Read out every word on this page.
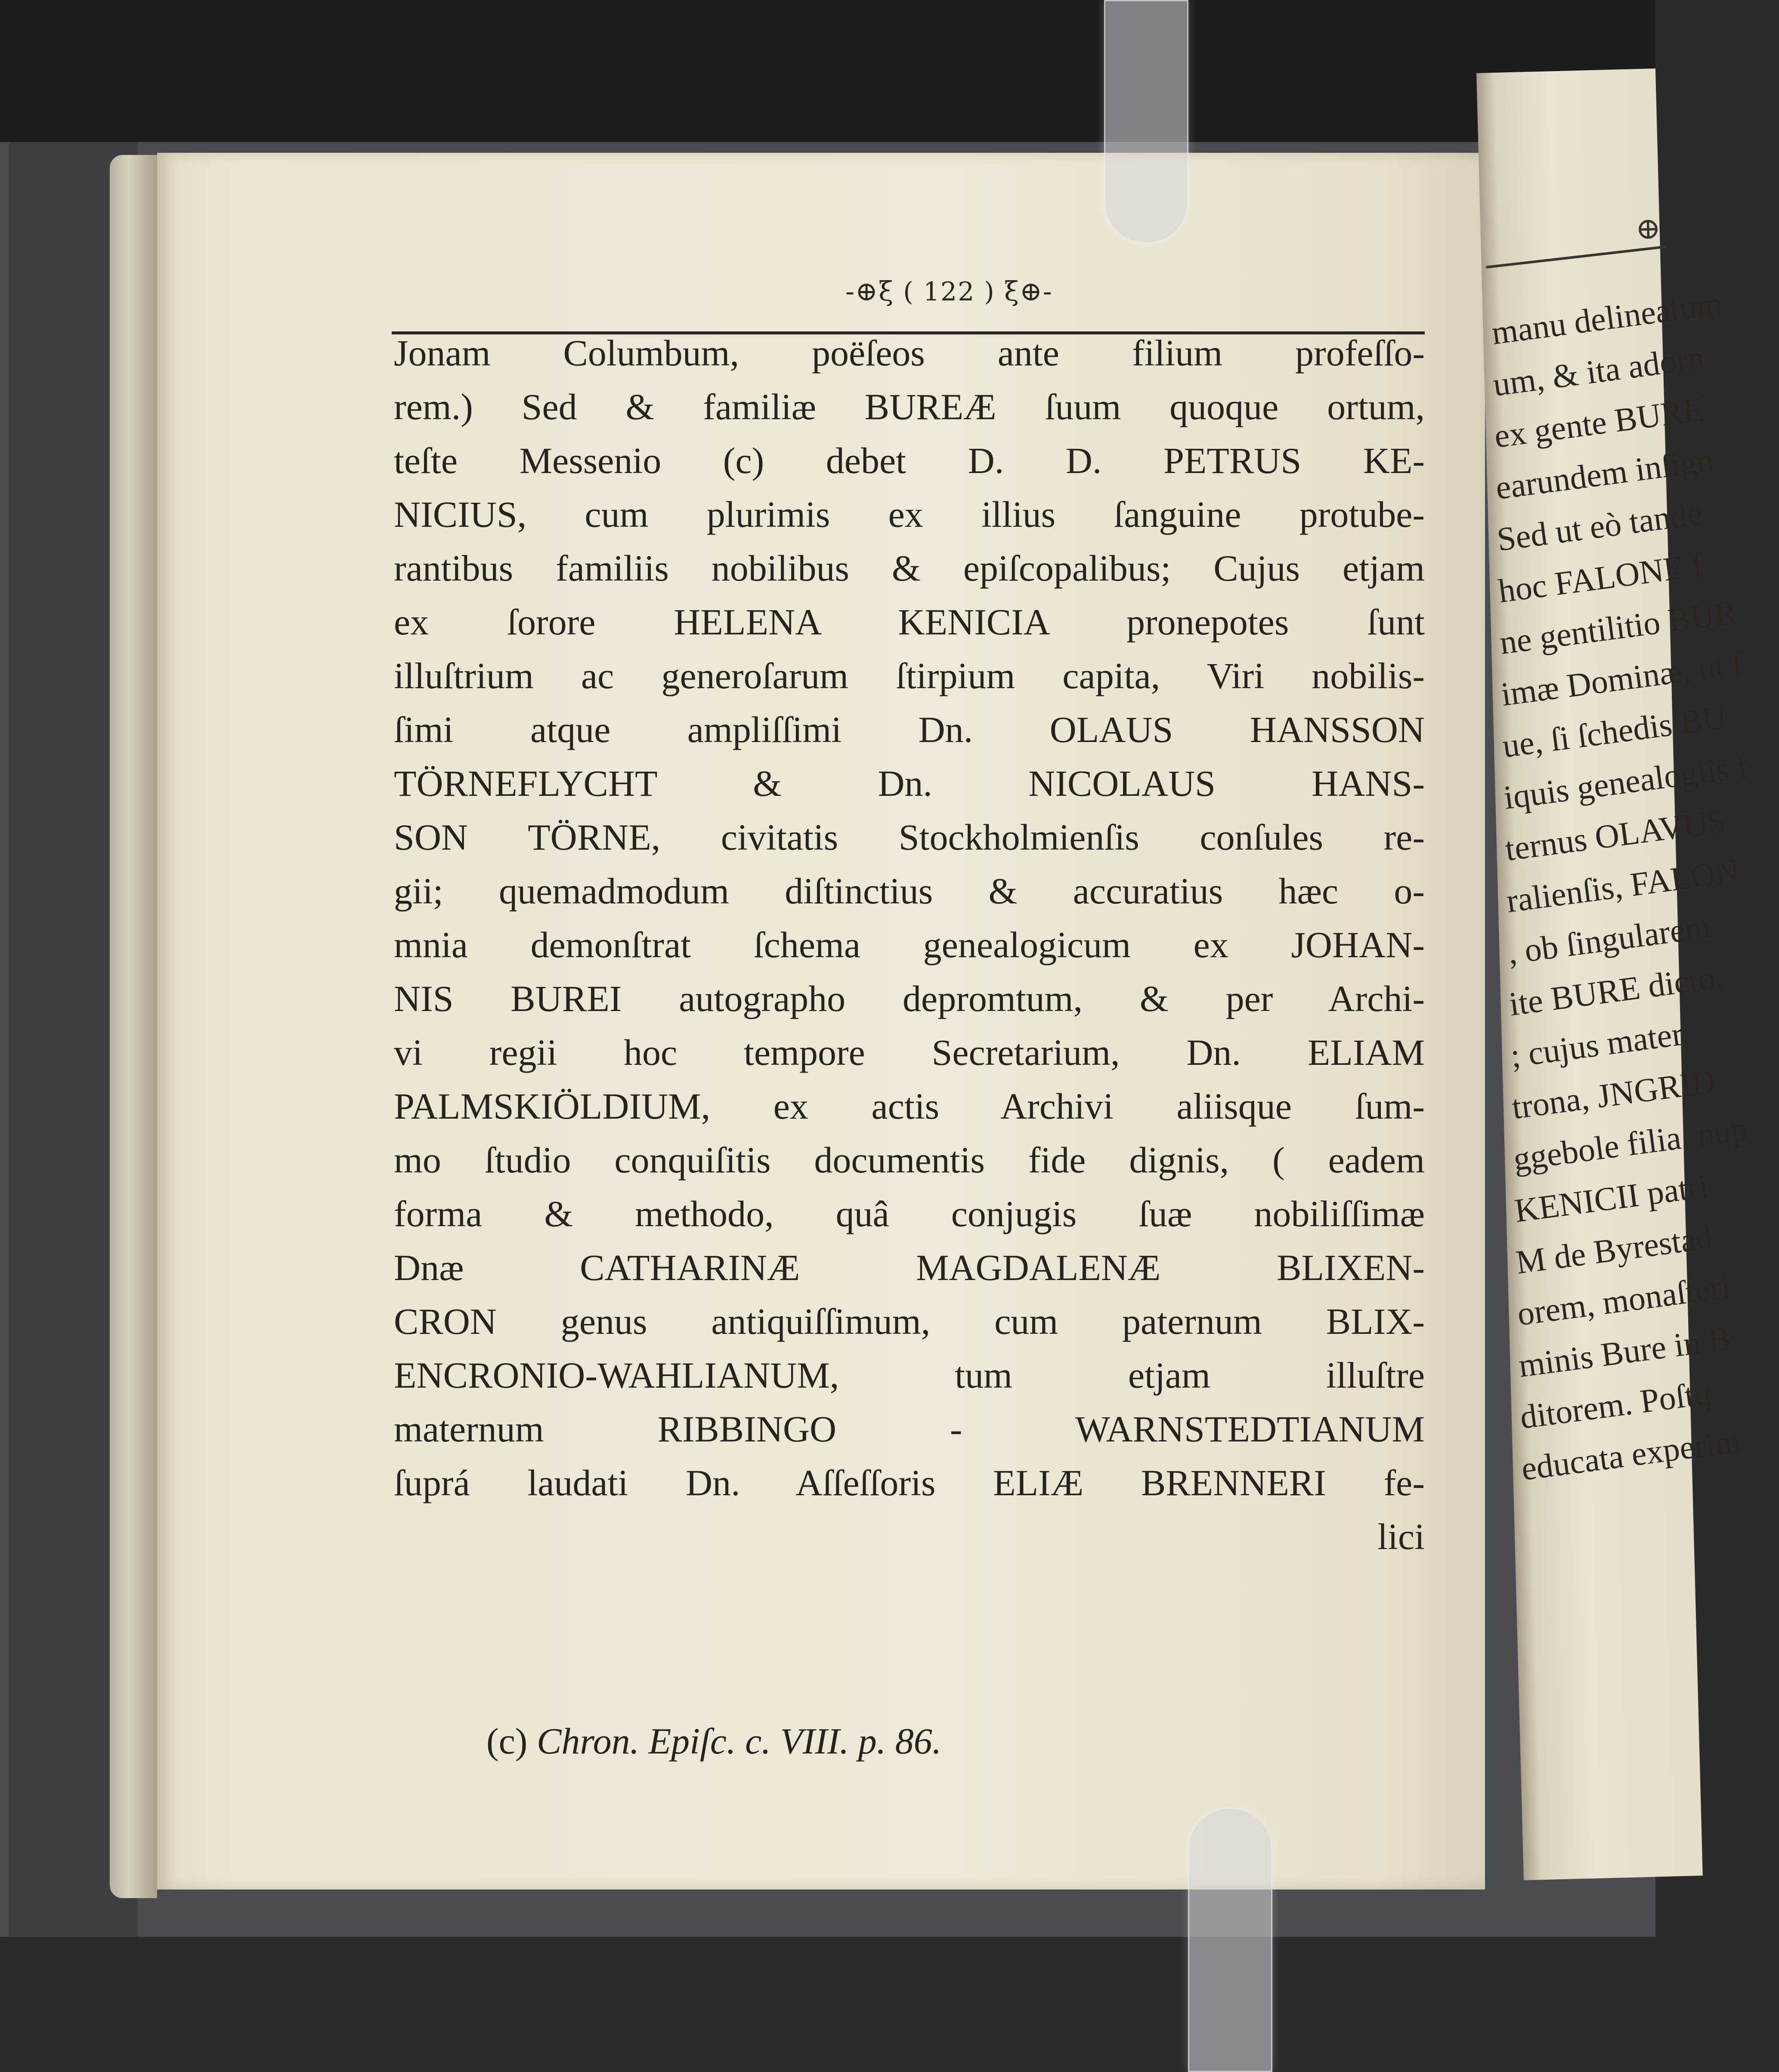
-⊕ξ ( 122 ) ξ⊕-
Jonam Columbum, poëſeos ante filium profeſſo-
rem.) Sed & familiæ BUREÆ ſuum quoque ortum,
teſte Messenio (c) debet D. D. PETRUS KE-
NICIUS, cum plurimis ex illius ſanguine protube-
rantibus familiis nobilibus & epiſcopalibus; Cujus etjam
ex ſorore HELENA KENICIA pronepotes ſunt
illuſtrium ac generoſarum ſtirpium capita, Viri nobilis-
ſimi atque ampliſſimi Dn. OLAUS HANSSON
TÖRNEFLYCHT & Dn. NICOLAUS HANS-
SON TÖRNE, civitatis Stockholmienſis conſules re-
gii; quemadmodum diſtinctius & accuratius hæc o-
mnia demonſtrat ſchema genealogicum ex JOHAN-
NIS BUREI autographo depromtum, & per Archi-
vi regii hoc tempore Secretarium, Dn. ELIAM
PALMSKIÖLDIUM, ex actis Archivi aliisque ſum-
mo ſtudio conquiſitis documentis fide dignis, ( eadem
forma & methodo, quâ conjugis ſuæ nobiliſſimæ
Dnæ CATHARINÆ MAGDALENÆ BLIXEN-
CRON genus antiquiſſimum, cum paternum BLIX-
ENCRONIO-WAHLIANUM, tum etjam illuſtre
maternum RIBBINGO - WARNSTEDTIANUM
ſuprá laudati Dn. Aſſeſſoris ELIÆ BRENNERI fe-
lici
(c) Chron. Epiſc. c. VIII. p. 86.
⊕
manu delineatum
um, & ita adorn
ex gente BURE
earundem inſign
Sed ut eò tande
hoc FALONE f
ne gentilitio BUR
imæ Dominæ, ut ſ
ue, ſi ſchedis BU
iquis genealogiis f
ternus OLAVUS
ralienſis, FALON
, ob ſingularem
ite BURE dicto,
; cujus mater,
trona, JNGRID
ggebole filia, nup
KENICII patri
M de Byrestad
orem, monaſteri
minis Bure in B
ditorem. Poſtq
educata experim
